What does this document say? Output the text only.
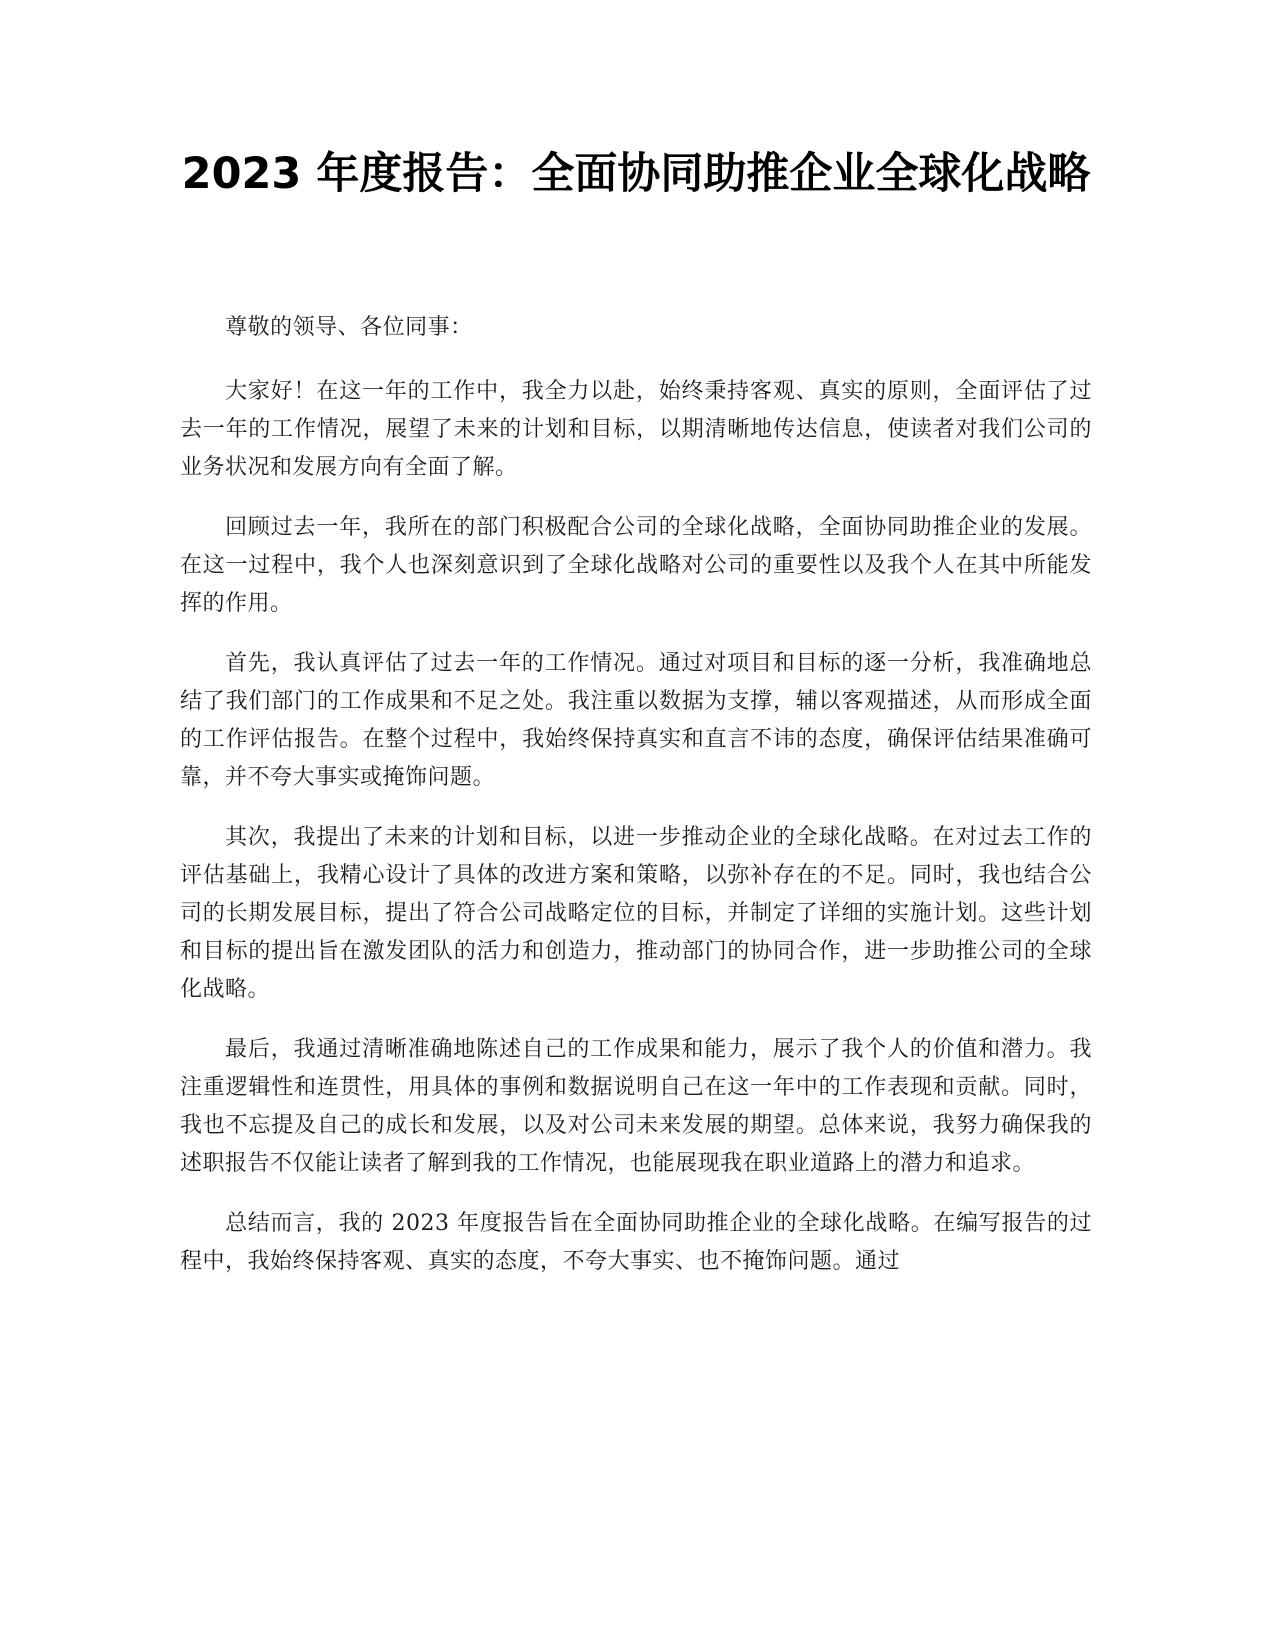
2023 年度报告：全面协同助推企业全球化战略

尊敬的领导、各位同事：

大家好！在这一年的工作中，我全力以赴，始终秉持客观、真实的原则，全面评估了过去一年的工作情况，展望了未来的计划和目标，以期清晰地传达信息，使读者对我们公司的业务状况和发展方向有全面了解。

回顾过去一年，我所在的部门积极配合公司的全球化战略，全面协同助推企业的发展。在这一过程中，我个人也深刻意识到了全球化战略对公司的重要性以及我个人在其中所能发挥的作用。

首先，我认真评估了过去一年的工作情况。通过对项目和目标的逐一分析，我准确地总结了我们部门的工作成果和不足之处。我注重以数据为支撑，辅以客观描述，从而形成全面的工作评估报告。在整个过程中，我始终保持真实和直言不讳的态度，确保评估结果准确可靠，并不夸大事实或掩饰问题。

其次，我提出了未来的计划和目标，以进一步推动企业的全球化战略。在对过去工作的评估基础上，我精心设计了具体的改进方案和策略，以弥补存在的不足。同时，我也结合公司的长期发展目标，提出了符合公司战略定位的目标，并制定了详细的实施计划。这些计划和目标的提出旨在激发团队的活力和创造力，推动部门的协同合作，进一步助推公司的全球化战略。

最后，我通过清晰准确地陈述自己的工作成果和能力，展示了我个人的价值和潜力。我注重逻辑性和连贯性，用具体的事例和数据说明自己在这一年中的工作表现和贡献。同时，我也不忘提及自己的成长和发展，以及对公司未来发展的期望。总体来说，我努力确保我的述职报告不仅能让读者了解到我的工作情况，也能展现我在职业道路上的潜力和追求。

总结而言，我的 2023 年度报告旨在全面协同助推企业的全球化战略。在编写报告的过程中，我始终保持客观、真实的态度，不夸大事实、也不掩饰问题。通过
